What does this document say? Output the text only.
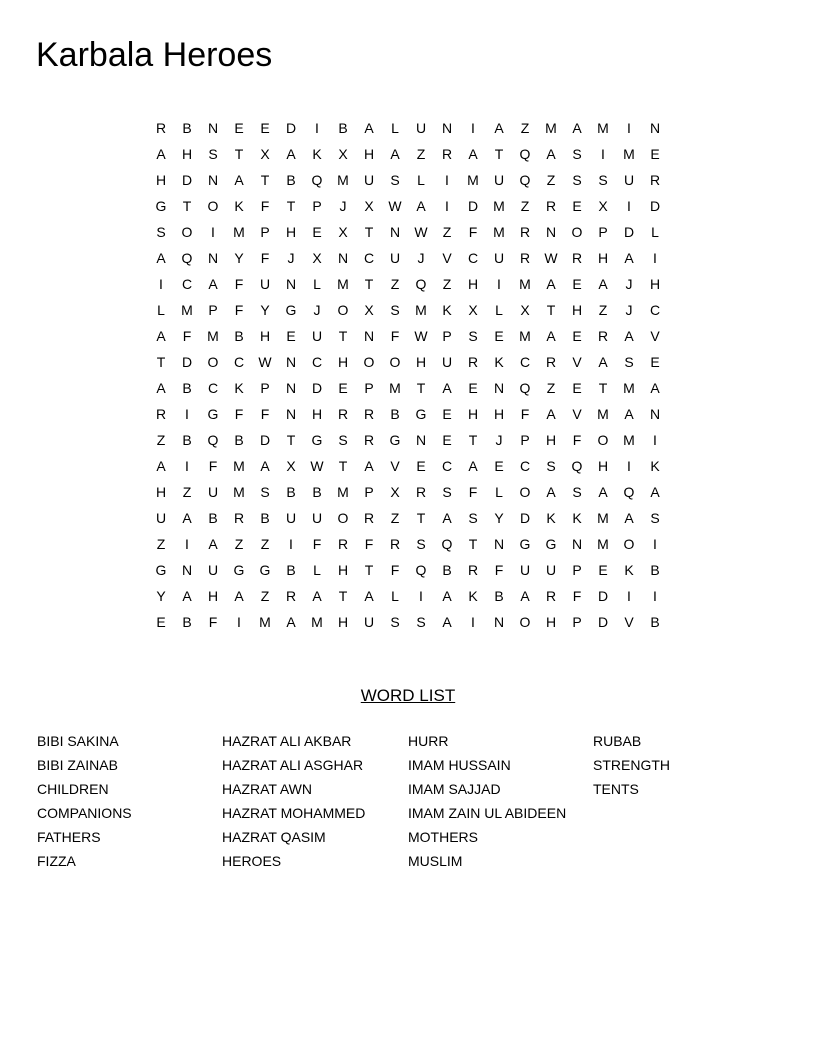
Karbala Heroes
R	B	N	E	E	D	I	B	A	L	U	N	I	A	Z	M	A	M	I	N
A	H	S	T	X	A	K	X	H	A	Z	R	A	T	Q	A	S	I	M	E
H	D	N	A	T	B	Q	M	U	S	L	I	M	U	Q	Z	S	S	U	R
G	T	O	K	F	T	P	J	X	W	A	I	D	M	Z	R	E	X	I	D
S	O	I	M	P	H	E	X	T	N	W	Z	F	M	R	N	O	P	D	L
A	Q	N	Y	F	J	X	N	C	U	J	V	C	U	R	W	R	H	A	I
I	C	A	F	U	N	L	M	T	Z	Q	Z	H	I	M	A	E	A	J	H
L	M	P	F	Y	G	J	O	X	S	M	K	X	L	X	T	H	Z	J	C
A	F	M	B	H	E	U	T	N	F	W	P	S	E	M	A	E	R	A	V
T	D	O	C	W	N	C	H	O	O	H	U	R	K	C	R	V	A	S	E
A	B	C	K	P	N	D	E	P	M	T	A	E	N	Q	Z	E	T	M	A
R	I	G	F	F	N	H	R	R	B	G	E	H	H	F	A	V	M	A	N
Z	B	Q	B	D	T	G	S	R	G	N	E	T	J	P	H	F	O	M	I
A	I	F	M	A	X	W	T	A	V	E	C	A	E	C	S	Q	H	I	K
H	Z	U	M	S	B	B	M	P	X	R	S	F	L	O	A	S	A	Q	A
U	A	B	R	B	U	U	O	R	Z	T	A	S	Y	D	K	K	M	A	S
Z	I	A	Z	Z	I	F	R	F	R	S	Q	T	N	G	G	N	M	O	I
G	N	U	G	G	B	L	H	T	F	Q	B	R	F	U	U	P	E	K	B
Y	A	H	A	Z	R	A	T	A	L	I	A	K	B	A	R	F	D	I	I
E	B	F	I	M	A	M	H	U	S	S	A	I	N	O	H	P	D	V	B
WORD LIST
BIBI SAKINA
BIBI ZAINAB
CHILDREN
COMPANIONS
FATHERS
FIZZA
HAZRAT ALI AKBAR
HAZRAT ALI ASGHAR
HAZRAT AWN
HAZRAT MOHAMMED
HAZRAT QASIM
HEROES
HURR
IMAM HUSSAIN
IMAM SAJJAD
IMAM ZAIN UL ABIDEEN
MOTHERS
MUSLIM
RUBAB
STRENGTH
TENTS
